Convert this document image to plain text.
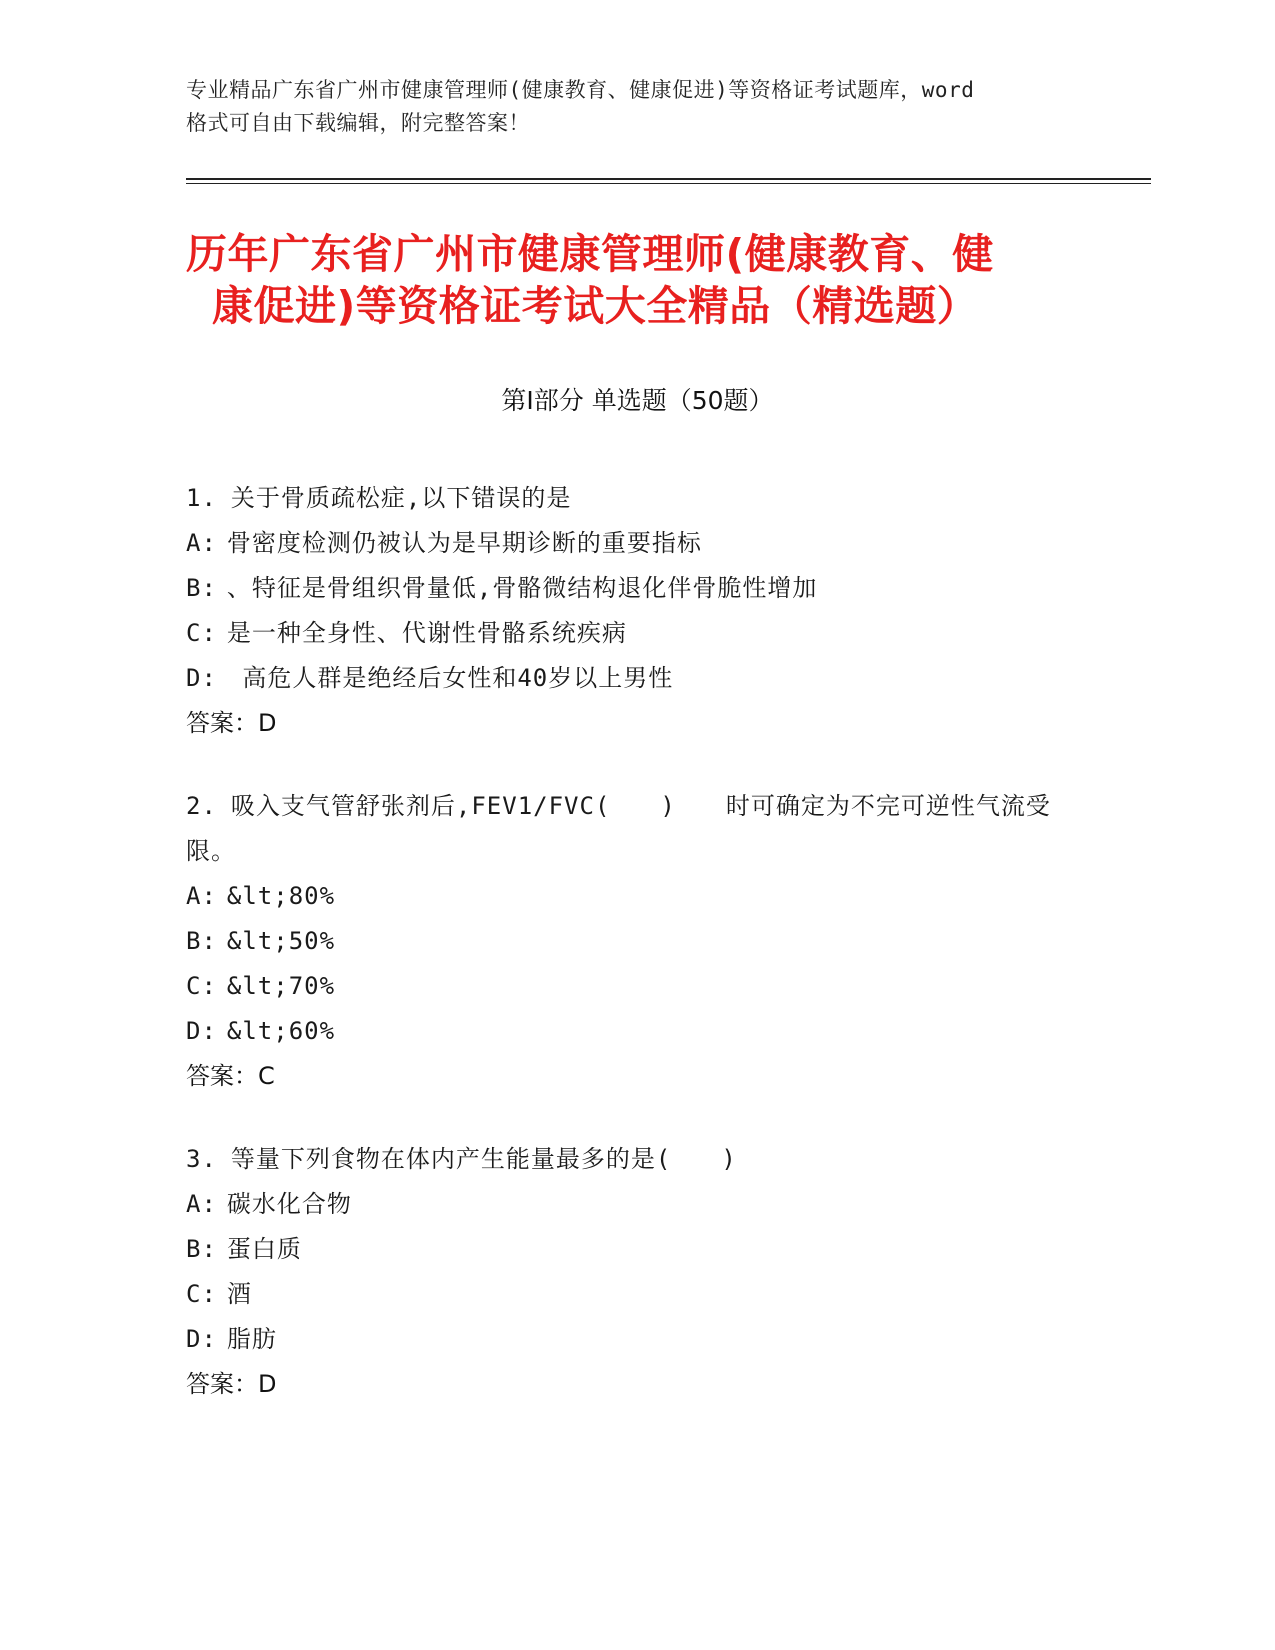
专业精品广东省广州市健康管理师(健康教育、健康促进)等资格证考试题库，word
格式可自由下载编辑，附完整答案！
历年广东省广州市健康管理师(健康教育、健
康促进)等资格证考试大全精品（精选题）
第Ⅰ部分 单选题（50题）
1. 关于骨质疏松症,以下错误的是
A: 骨密度检测仍被认为是早期诊断的重要指标
B: 、特征是骨组织骨量低,骨骼微结构退化伴骨脆性增加
C: 是一种全身性、代谢性骨骼系统疾病
D: 高危人群是绝经后女性和40岁以上男性
答案：D
2. 吸入支气管舒张剂后,FEV1/FVC(　　)　　时可确定为不完可逆性气流受限。
A: &lt;80%
B: &lt;50%
C: &lt;70%
D: &lt;60%
答案：C
3. 等量下列食物在体内产生能量最多的是(　　)
A: 碳水化合物
B: 蛋白质
C: 酒
D: 脂肪
答案：D
